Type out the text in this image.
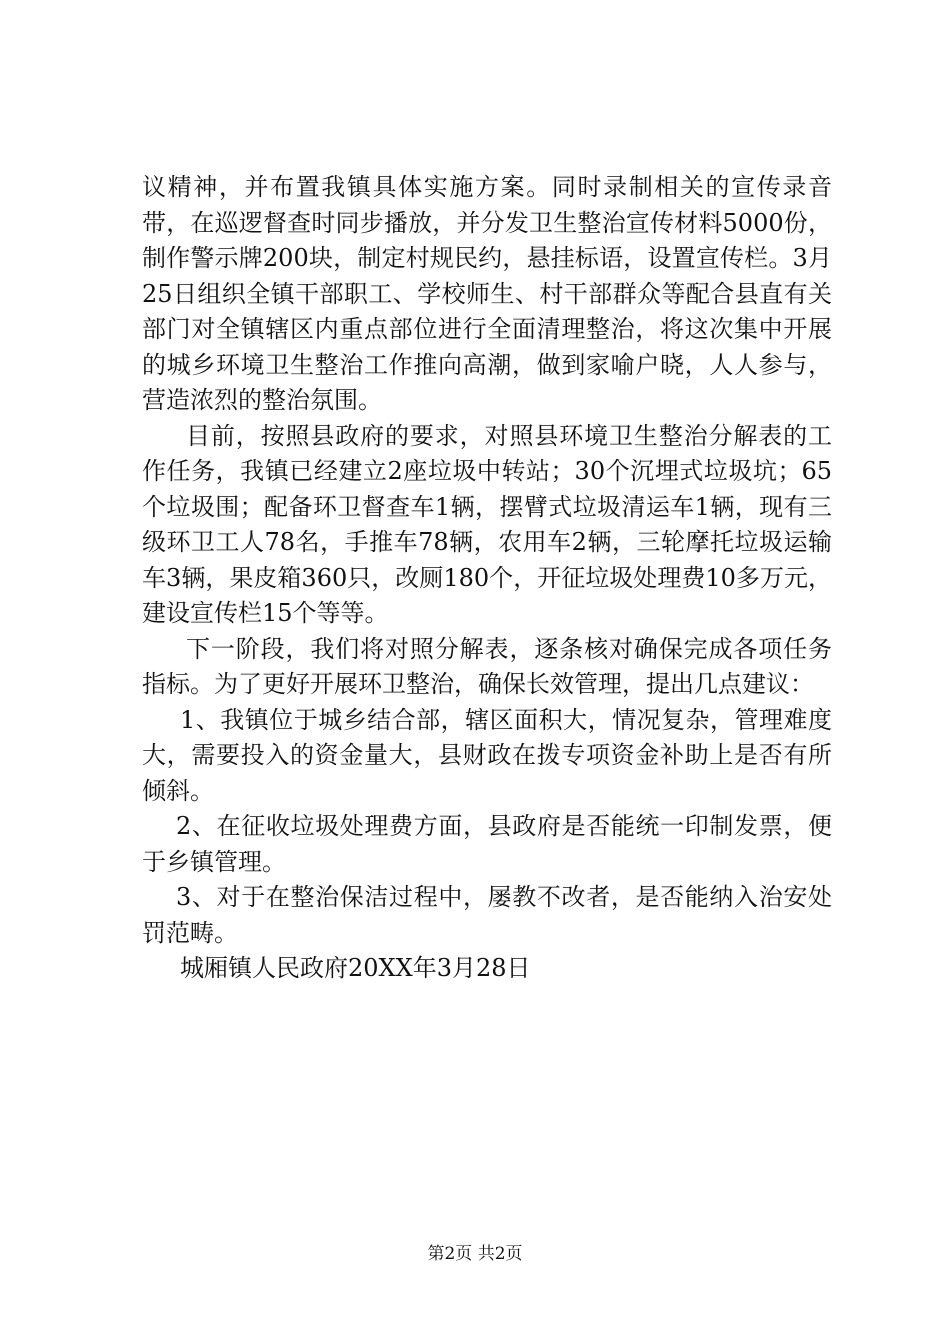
议精神，并布置我镇具体实施方案。同时录制相关的宣传录音带，在巡逻督查时同步播放，并分发卫生整治宣传材料5000份，制作警示牌200块，制定村规民约，悬挂标语，设置宣传栏。3月25日组织全镇干部职工、学校师生、村干部群众等配合县直有关部门对全镇辖区内重点部位进行全面清理整治，将这次集中开展的城乡环境卫生整治工作推向高潮，做到家喻户晓，人人参与，营造浓烈的整治氛围。

目前，按照县政府的要求，对照县环境卫生整治分解表的工作任务，我镇已经建立2座垃圾中转站；30个沉埋式垃圾坑；65个垃圾围；配备环卫督查车1辆，摆臂式垃圾清运车1辆，现有三级环卫工人78名，手推车78辆，农用车2辆，三轮摩托垃圾运输车3辆，果皮箱360只，改厕180个，开征垃圾处理费10多万元，建设宣传栏15个等等。

下一阶段，我们将对照分解表，逐条核对确保完成各项任务指标。为了更好开展环卫整治，确保长效管理，提出几点建议：

1、我镇位于城乡结合部，辖区面积大，情况复杂，管理难度大，需要投入的资金量大，县财政在拨专项资金补助上是否有所倾斜。

2、在征收垃圾处理费方面，县政府是否能统一印制发票，便于乡镇管理。

3、对于在整治保洁过程中，屡教不改者，是否能纳入治安处罚范畴。

城厢镇人民政府20XX年3月28日

第2页 共2页
